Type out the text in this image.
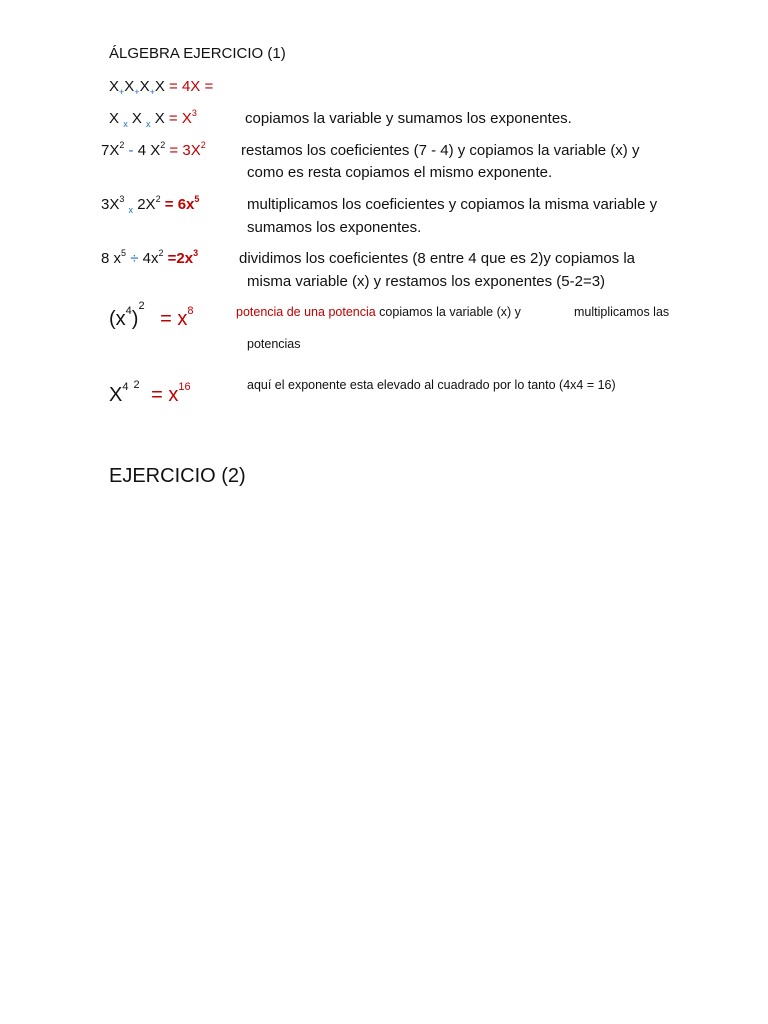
ÁLGEBRA EJERCICIO (1)
$X_+X_+X_+X = 4X$ =
X $_x$ X $_x$ $X = X^3$	copiamos la variable y sumamos los exponentes.
$7X^2 - 4$ $X^2 = 3X^2$ restamos los coeficientes (7 - 4) y copiamos la variable (x) y
como es resta copiamos el mismo exponente.
$3X^3$ $_x$ $2X^2 = 6x^5$	multiplicamos los coeficientes y copiamos la misma variable y
sumamos los exponentes.
8 $x^5 \div 4x^2 =2x^3$	dividimos los coeficientes (8 entre 4 que es 2)y copiamos la
misma variable (x) y restamos los exponentes (5-2=3)
$(x^4)^2 = x^8$	potencia de una potencia copiamos la variable (x) y	multiplicamos las
potencias
$X^4$ $^2 = x^{16}$	aquí el exponente esta elevado al cuadrado por lo tanto (4x4 = 16)
EJERCICIO (2)
